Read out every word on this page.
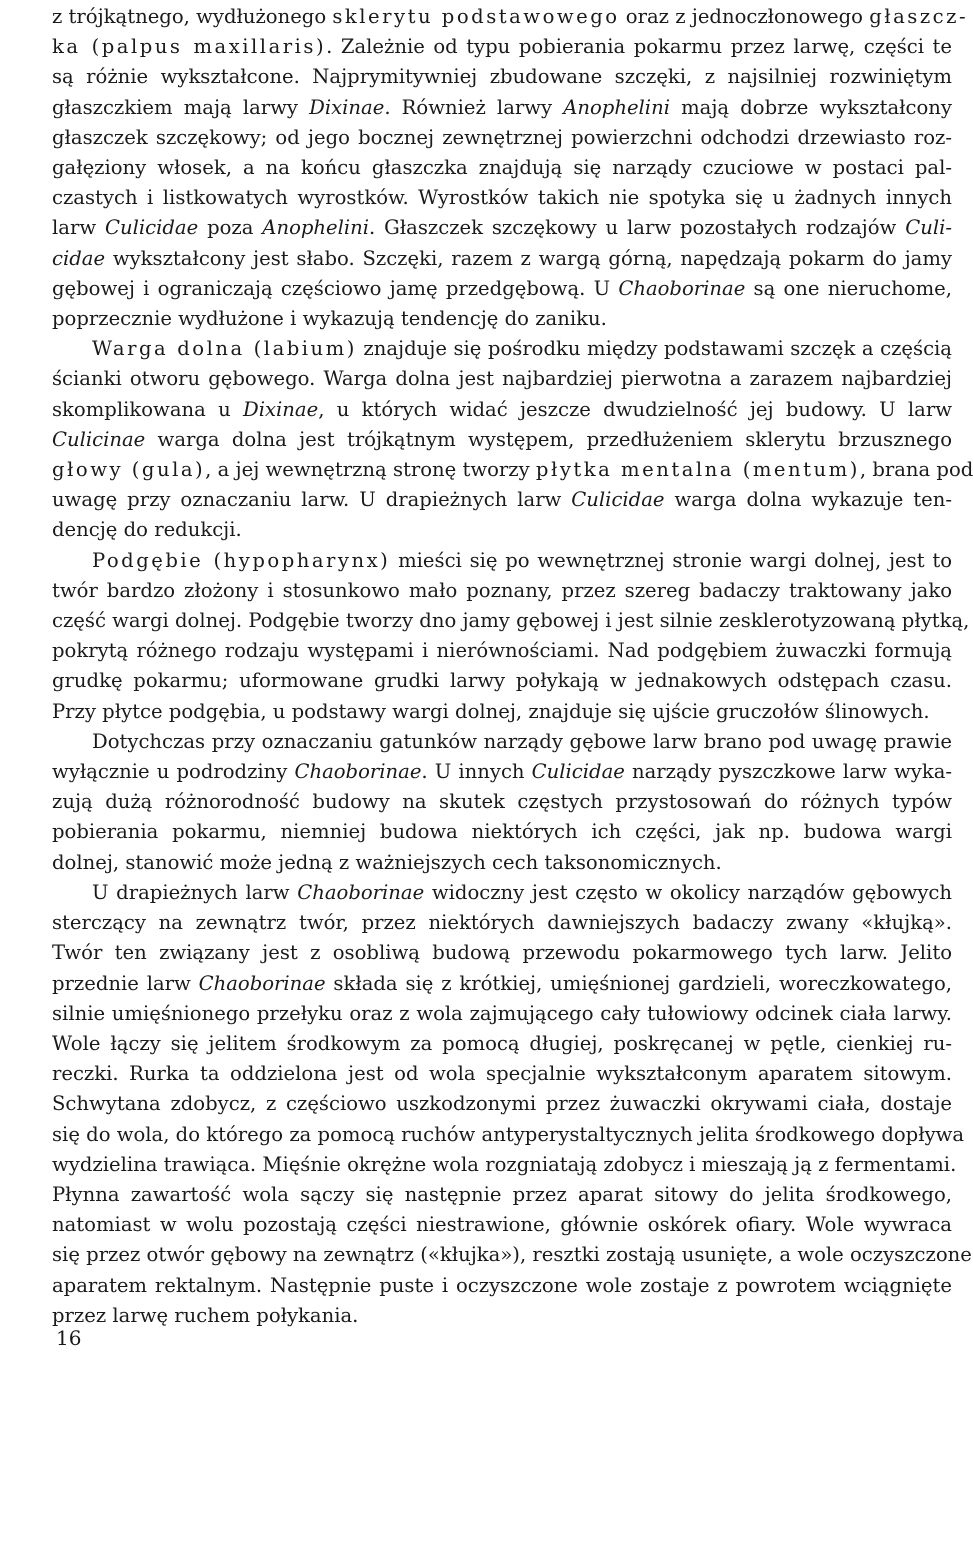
z trójkątnego, wydłużonego sklerytu podstawowego oraz z jednoczłonowego głaszcz-
ka (palpus maxillaris). Zależnie od typu pobierania pokarmu przez larwę, części te
są różnie wykształcone. Najprymitywniej zbudowane szczęki, z najsilniej rozwiniętym
głaszczkiem mają larwy Dixinae. Również larwy Anophelini mają dobrze wykształcony
głaszczek szczękowy; od jego bocznej zewnętrznej powierzchni odchodzi drzewiasto roz-
gałęziony włosek, a na końcu głaszczka znajdują się narządy czuciowe w postaci pal-
czastych i listkowatych wyrostków. Wyrostków takich nie spotyka się u żadnych innych
larw Culicidae poza Anophelini. Głaszczek szczękowy u larw pozostałych rodzajów Culi-
cidae wykształcony jest słabo. Szczęki, razem z wargą górną, napędzają pokarm do jamy
gębowej i ograniczają częściowo jamę przedgębową. U Chaoborinae są one nieruchome,
poprzecznie wydłużone i wykazują tendencję do zaniku.
Warga dolna (labium) znajduje się pośrodku między podstawami szczęk a częścią
ścianki otworu gębowego. Warga dolna jest najbardziej pierwotna a zarazem najbardziej
skomplikowana u Dixinae, u których widać jeszcze dwudzielność jej budowy. U larw
Culicinae warga dolna jest trójkątnym występem, przedłużeniem sklerytu brzusznego
głowy (gula), a jej wewnętrzną stronę tworzy płytka mentalna (mentum), brana pod
uwagę przy oznaczaniu larw. U drapieżnych larw Culicidae warga dolna wykazuje ten-
dencję do redukcji.
Podgębie (hypopharynx) mieści się po wewnętrznej stronie wargi dolnej, jest to
twór bardzo złożony i stosunkowo mało poznany, przez szereg badaczy traktowany jako
część wargi dolnej. Podgębie tworzy dno jamy gębowej i jest silnie zesklerotyzowaną płytką,
pokrytą różnego rodzaju występami i nierównościami. Nad podgębiem żuwaczki formują
grudkę pokarmu; uformowane grudki larwy połykają w jednakowych odstępach czasu.
Przy płytce podgębia, u podstawy wargi dolnej, znajduje się ujście gruczołów ślinowych.
Dotychczas przy oznaczaniu gatunków narządy gębowe larw brano pod uwagę prawie
wyłącznie u podrodziny Chaoborinae. U innych Culicidae narządy pyszczkowe larw wyka-
zują dużą różnorodność budowy na skutek częstych przystosowań do różnych typów
pobierania pokarmu, niemniej budowa niektórych ich części, jak np. budowa wargi
dolnej, stanowić może jedną z ważniejszych cech taksonomicznych.
U drapieżnych larw Chaoborinae widoczny jest często w okolicy narządów gębowych
sterczący na zewnątrz twór, przez niektórych dawniejszych badaczy zwany «kłujką».
Twór ten związany jest z osobliwą budową przewodu pokarmowego tych larw. Jelito
przednie larw Chaoborinae składa się z krótkiej, umięśnionej gardzieli, woreczkowatego,
silnie umięśnionego przełyku oraz z wola zajmującego cały tułowiowy odcinek ciała larwy.
Wole łączy się jelitem środkowym za pomocą długiej, poskręcanej w pętle, cienkiej ru-
reczki. Rurka ta oddzielona jest od wola specjalnie wykształconym aparatem sitowym.
Schwytana zdobycz, z częściowo uszkodzonymi przez żuwaczki okrywami ciała, dostaje
się do wola, do którego za pomocą ruchów antyperystaltycznych jelita środkowego dopływa
wydzielina trawiąca. Mięśnie okrężne wola rozgniatają zdobycz i mieszają ją z fermentami.
Płynna zawartość wola sączy się następnie przez aparat sitowy do jelita środkowego,
natomiast w wolu pozostają części niestrawione, głównie oskórek ofiary. Wole wywraca
się przez otwór gębowy na zewnątrz («kłujka»), resztki zostają usunięte, a wole oczyszczone
aparatem rektalnym. Następnie puste i oczyszczone wole zostaje z powrotem wciągnięte
przez larwę ruchem połykania.
16
